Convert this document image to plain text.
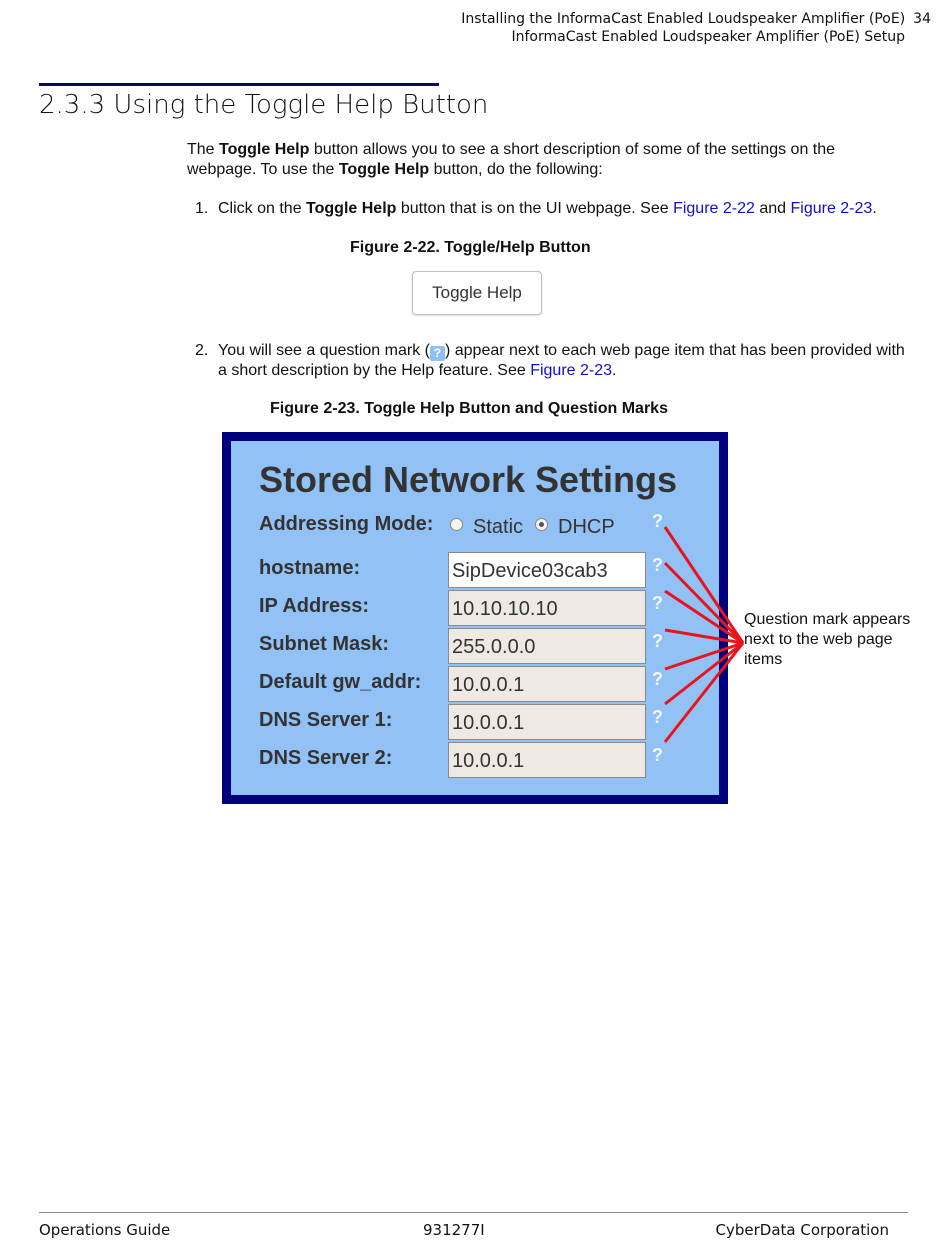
Installing the InformaCast Enabled Loudspeaker Amplifier (PoE) 34
InformaCast Enabled Loudspeaker Amplifier (PoE) Setup
2.3.3 Using the Toggle Help Button
The Toggle Help button allows you to see a short description of some of the settings on the webpage. To use the Toggle Help button, do the following:
1. Click on the Toggle Help button that is on the UI webpage. See Figure 2-22 and Figure 2-23.
Figure 2-22. Toggle/Help Button
Toggle Help
2. You will see a question mark ( ? ) appear next to each web page item that has been provided with a short description by the Help feature. See Figure 2-23.
Figure 2-23. Toggle Help Button and Question Marks
Stored Network Settings
Addressing Mode: Static DHCP ?
hostname:	SipDevice03cab3	?
IP Address:	10.10.10.10	?
Subnet Mask:	255.0.0.0	?
Default gw_addr: 10.0.0.1	?
DNS Server 1:	10.0.0.1	?
DNS Server 2:	10.0.0.1	?
Question mark appears next to the web page items
Operations Guide	931277I	CyberData Corporation
